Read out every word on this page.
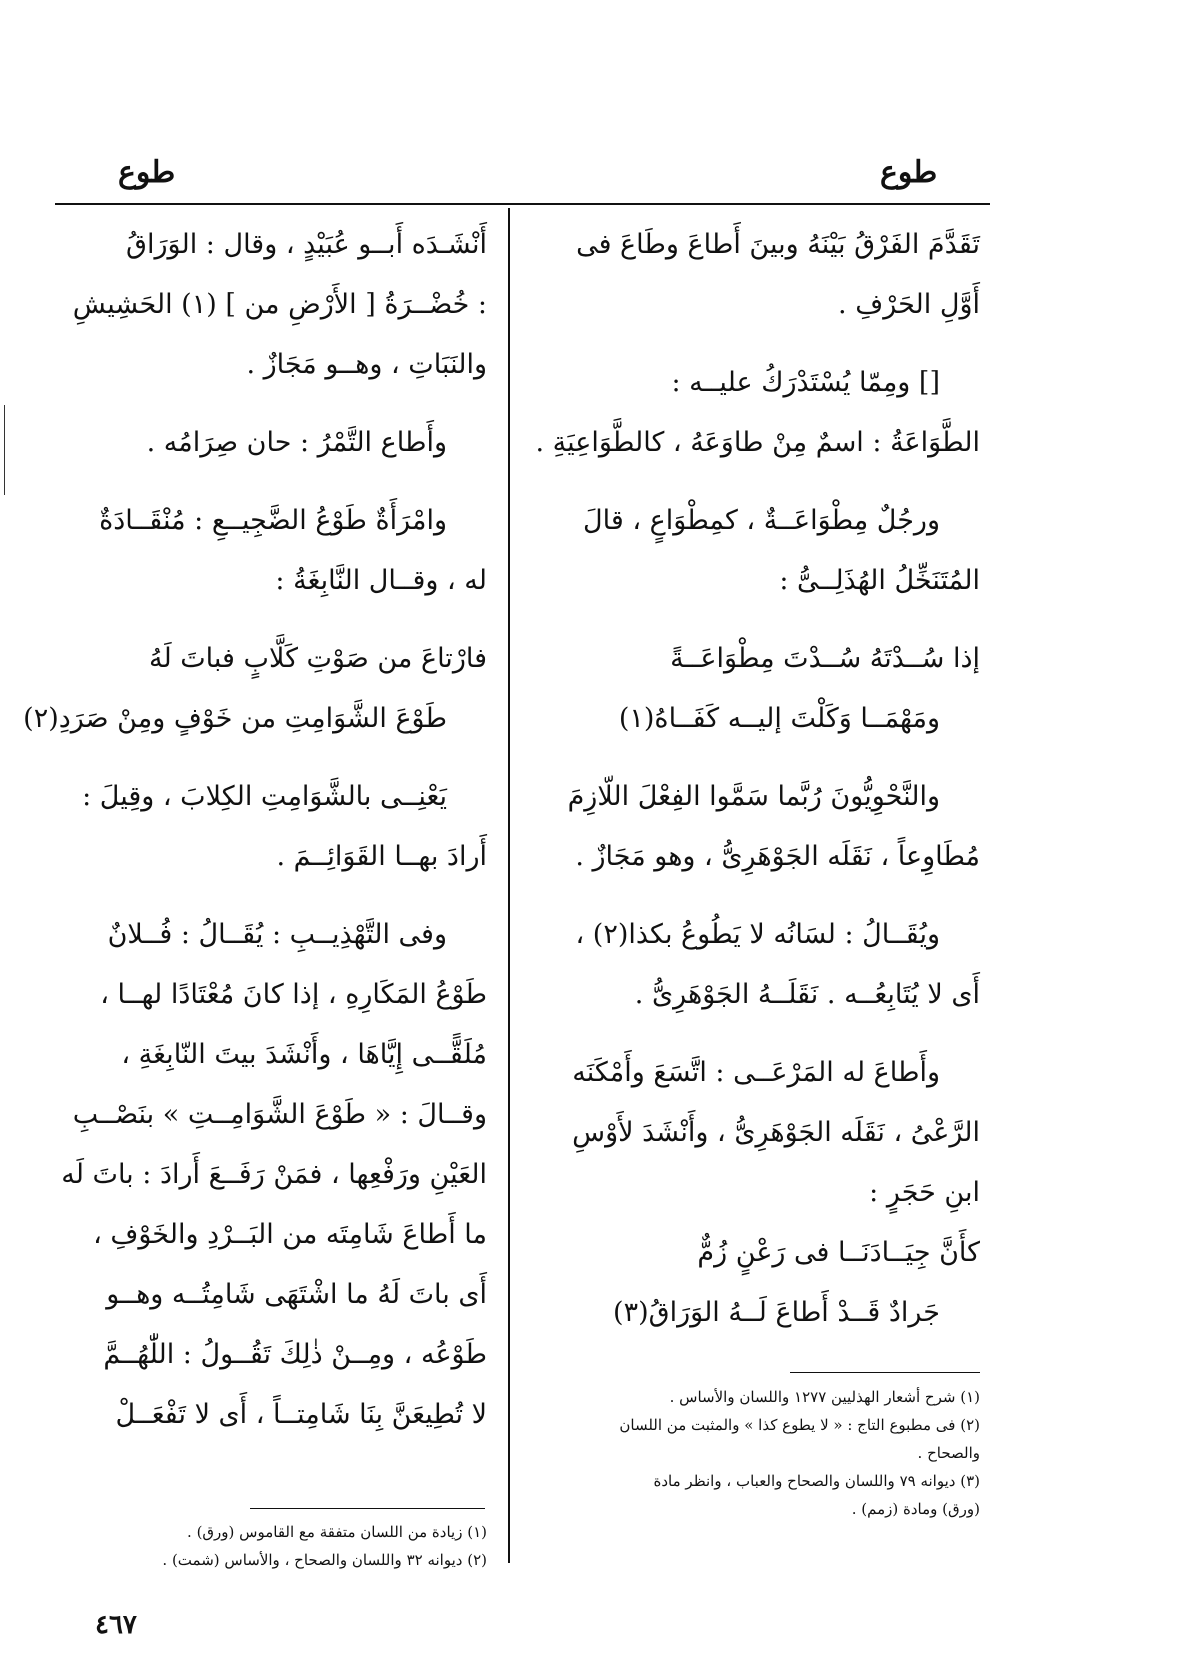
طوع
طوع
تَقَدَّمَ الفَرْقُ بَيْنَهُ وبينَ أَطاعَ وطَاعَ فى
أَوَّلِ الحَرْفِ .
[] ومِمّا يُسْتَدْرَكُ عليــه :
الطَّوَاعَةُ : اسمٌ مِنْ طاوَعَهُ ، كالطَّوَاعِيَةِ .
ورجُلٌ مِطْوَاعَــةٌ ، كمِطْوَاعٍ ، قالَ
المُتَنَخِّلُ الهُذَلِــىُّ :
إذا سُــدْتَهُ سُــدْتَ مِطْوَاعَــةً
ومَهْمَــا وَكَلْتَ إليــه كَفَــاهُ(١)
والنَّحْوِيُّونَ رُبَّما سَمَّوا الفِعْلَ اللّازِمَ
مُطَاوِعاً ، نَقَلَه الجَوْهَرِىُّ ، وهو مَجَازٌ .
ويُقَــالُ : لسَانُه لا يَطُوعُ بكذا(٢) ،
أَى لا يُتَابِعُــه . نَقَلَــهُ الجَوْهَرِىُّ .
وأَطاعَ له المَرْعَــى : اتَّسَعَ وأَمْكَنَه
الرَّعْىُ ، نَقَلَه الجَوْهَرِىُّ ، وأَنْشَدَ لأَوْسِ
ابنِ حَجَرٍ :
كأَنَّ جِيَــادَنَــا فى رَعْنٍ زُمٌّ
جَرادٌ قَــدْ أَطاعَ لَــهُ الوَرَاقُ(٣)
(١) شرح أشعار الهذليين ١٢٧٧ واللسان والأساس .
(٢) فى مطبوع التاج : « لا يطوع كذا » والمثبت من اللسان
والصحاح .
(٣) ديوانه ٧٩ واللسان والصحاح والعباب ، وانظر مادة
(ورق) ومادة (زمم) .
أَنْشَـدَه أَبــو عُبَيْدٍ ، وقال : الوَرَاقُ
: خُضْــرَةُ [ الأَرْضِ من ] (١) الحَشِيشِ
والنَبَاتِ ، وهــو مَجَازٌ .
وأَطاع التَّمْرُ : حان صِرَامُه .
وامْرَأَةٌ طَوْعُ الضَّجِيــعِ : مُنْقَــادَةٌ
له ، وقــال النَّابِغَةُ :
فارْتاعَ من صَوْتِ كَلَّابٍ فباتَ لَهُ
طَوْعَ الشَّوَامِتِ من خَوْفٍ ومِنْ صَرَدِ(٢)
يَعْنِــى بالشَّوَامِتِ الكِلابَ ، وقِيلَ :
أَرادَ بهــا القَوَائِــمَ .
وفى التَّهْذِيــبِ : يُقَــالُ : فُــلانٌ
طَوْعُ المَكَارِهِ ، إذا كانَ مُعْتَادًا لهــا ،
مُلَقًّــى إِيَّاهَا ، وأَنْشَدَ بيتَ النّابِغَةِ ،
وقــالَ : « طَوْعَ الشَّوَامِــتِ » بنَصْــبِ
العَيْنِ ورَفْعِها ، فمَنْ رَفَــعَ أَرادَ : باتَ لَه
ما أَطاعَ شَامِتَه من البَــرْدِ والخَوْفِ ،
أَى باتَ لَهُ ما اشْتَهَى شَامِتُــه وهــو
طَوْعُه ، ومِــنْ ذٰلِكَ تَقُــولُ : اللّٰهُــمَّ
لا تُطِيعَنَّ بِنَا شَامِتــاً ، أَى لا تَفْعَــلْ
(١) زيادة من اللسان متفقة مع القاموس (ورق) .
(٢) ديوانه ٣٢ واللسان والصحاح ، والأساس (شمت) .
٤٦٧
